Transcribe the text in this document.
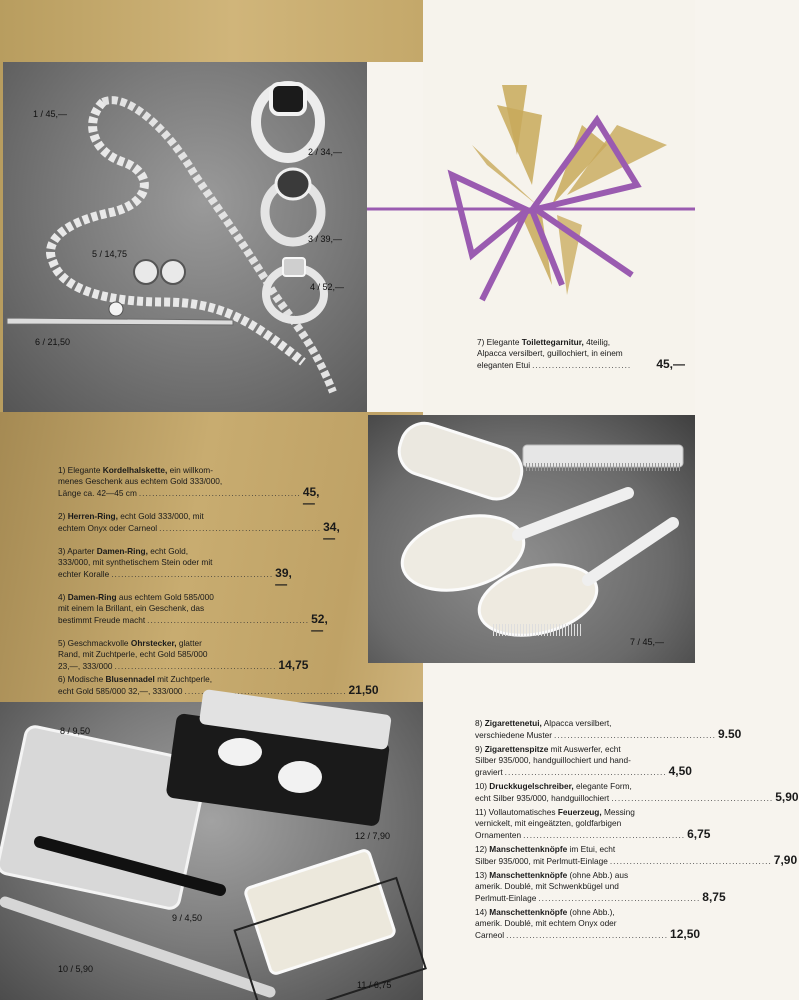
1 / 45,—
2 / 34,—
3 / 39,—
4 / 52,—
5 / 14,75
6 / 21,50	7) Elegante Toilettegarnitur, 4teilig,
Alpacca versilbert, guillochiert, in einem
eleganten Etui ..............................	45,—
7 / 45,—
1) Elegante Kordelhalskette, ein willkom-
menes Geschenk aus echtem Gold 333/000,
Länge ca. 42—45 cm ................................................. 45,—
2) Herren-Ring, echt Gold 333/000, mit
echtem Onyx oder Carneol ................................................. 34,—
3) Aparter Damen-Ring, echt Gold,
333/000, mit synthetischem Stein oder mit
echter Koralle ................................................. 39,—
4) Damen-Ring aus echtem Gold 585/000
mit einem Ia Brillant, ein Geschenk, das
bestimmt Freude macht ................................................. 52,—
5) Geschmackvolle Ohrstecker, glatter
Rand, mit Zuchtperle, echt Gold 585/000
23,—, 333/000 ................................................. 14,75
6) Modische Blusennadel mit Zuchtperle,
echt Gold 585/000 32,—, 333/000 ................................................. 21,50
8 / 9,50
9 / 4,50
10 / 5,90
11 / 6,75
12 / 7,90
8) Zigarettenetui, Alpacca versilbert,
verschiedene Muster ................................................. 9.50
9) Zigarettenspitze mit Auswerfer, echt
Silber 935/000, handguillochiert und hand-
graviert ................................................. 4,50
10) Druckkugelschreiber, elegante Form,
echt Silber 935/000, handguillochiert ................................................. 5,90
11) Vollautomatisches Feuerzeug, Messing
vernickelt, mit eingeätzten, goldfarbigen
Ornamenten ................................................. 6,75
12) Manschettenknöpfe im Etui, echt
Silber 935/000, mit Perlmutt-Einlage ................................................. 7,90
13) Manschettenknöpfe (ohne Abb.) aus
amerik. Doublé, mit Schwenkbügel und
Perlmutt-Einlage ................................................. 8,75
14) Manschettenknöpfe (ohne Abb.),
amerik. Doublé, mit echtem Onyx oder
Carneol ................................................. 12,50
